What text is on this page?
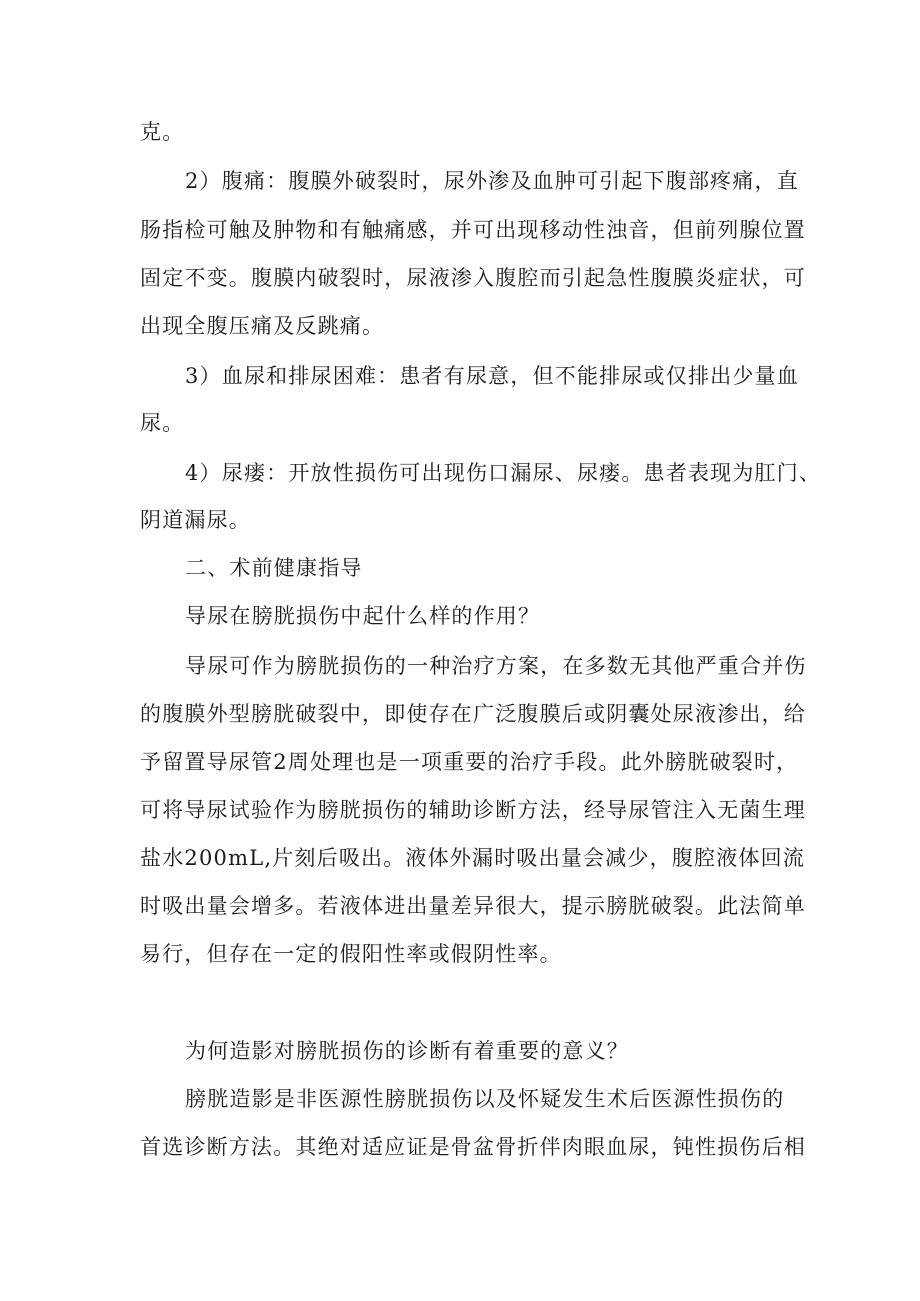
克。
2）腹痛：腹膜外破裂时，尿外渗及血肿可引起下腹部疼痛，直
肠指检可触及肿物和有触痛感，并可出现移动性浊音，但前列腺位置
固定不变。腹膜内破裂时，尿液渗入腹腔而引起急性腹膜炎症状，可
出现全腹压痛及反跳痛。
3）血尿和排尿困难：患者有尿意，但不能排尿或仅排出少量血
尿。
4）尿瘘：开放性损伤可出现伤口漏尿、尿瘘。患者表现为肛门、
阴道漏尿。
二、术前健康指导
导尿在膀胱损伤中起什么样的作用？
导尿可作为膀胱损伤的一种治疗方案，在多数无其他严重合并伤
的腹膜外型膀胱破裂中，即使存在广泛腹膜后或阴囊处尿液渗出，给
予留置导尿管2周处理也是一项重要的治疗手段。此外膀胱破裂时，
可将导尿试验作为膀胱损伤的辅助诊断方法，经导尿管注入无菌生理
盐水200mL,片刻后吸出。液体外漏时吸出量会减少，腹腔液体回流
时吸出量会增多。若液体进出量差异很大，提示膀胱破裂。此法简单
易行，但存在一定的假阳性率或假阴性率。
为何造影对膀胱损伤的诊断有着重要的意义？
膀胱造影是非医源性膀胱损伤以及怀疑发生术后医源性损伤的
首选诊断方法。其绝对适应证是骨盆骨折伴肉眼血尿，钝性损伤后相
